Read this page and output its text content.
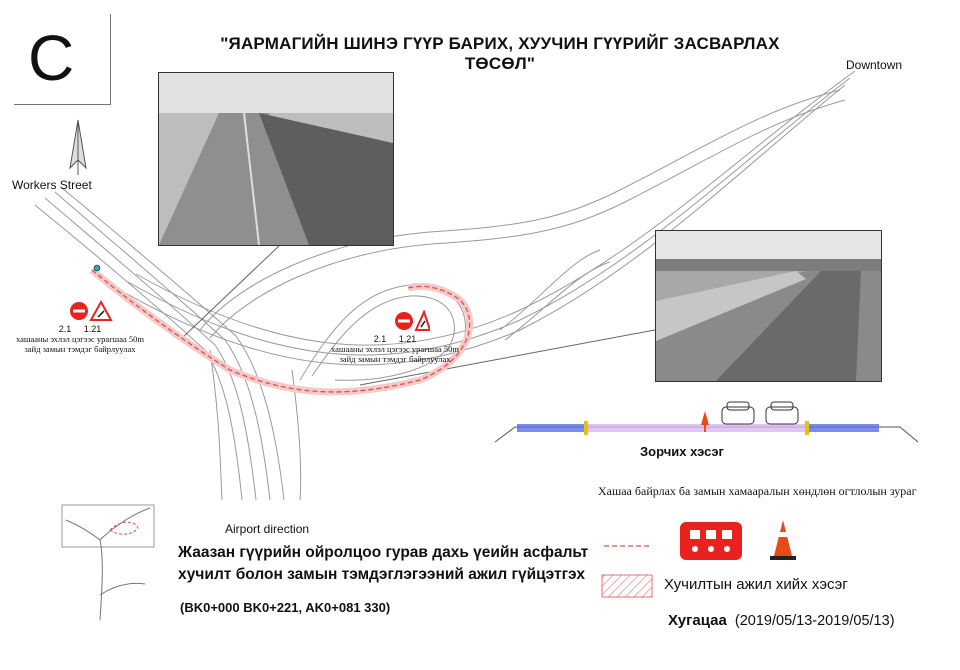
C	"ЯАРМАГИЙН ШИНЭ ГҮҮР БАРИХ, ХУУЧИН ГҮҮРИЙГ ЗАСВАРЛАХ ТӨСӨЛ"	Downtown
Workers Street
Airport direction
2.1 1.21
хашааны эхлэл цэгээс урагшаа 50m зайд замын тэмдэг байрлуулах
2.1 1.21
хашааны эхлэл цэгээс урагшаа 50m зайд замын тэмдэг байрлуулах
Зорчих хэсэг
Хашаа байрлах ба замын хамааралын хөндлөн огтлолын зураг
Жаазан гүүрийн ойролцоо гурав дахь үеийн асфальт
хучилт болон замын тэмдэглэгээний ажил гүйцэтгэх
(BK0+000 BK0+221, AK0+081 330)
Хучилтын ажил хийх хэсэг
Хугацаа (2019/05/13-2019/05/13)
